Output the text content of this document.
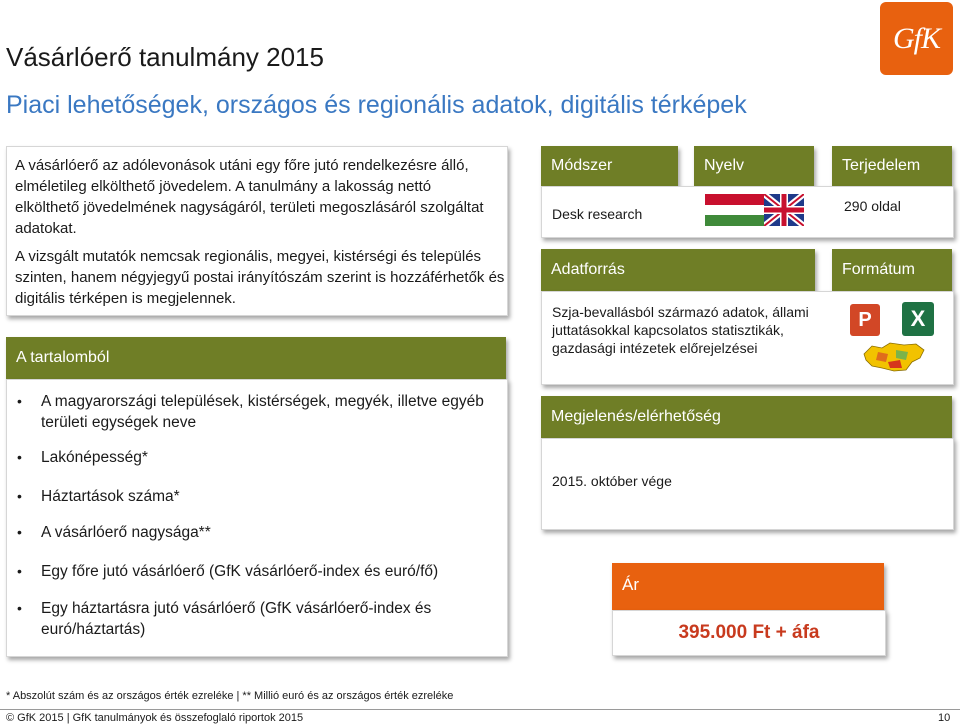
Vásárlóerő tanulmány 2015
Piaci lehetőségek, országos és regionális adatok, digitális térképek
GfK
A vásárlóerő az adólevonások utáni egy főre jutó rendelkezésre álló, elméletileg elkölthető jövedelem. A tanulmány a lakosság nettó elkölthető jövedelmének nagyságáról, területi megoszlásáról szolgáltat adatokat.
A vizsgált mutatók nemcsak regionális, megyei, kistérségi és település szinten, hanem négyjegyű postai irányítószám szerint is hozzáférhetők és digitális térképen is megjelennek.
A tartalomból
• A magyarországi települések, kistérségek, megyék, illetve egyéb területi egységek neve
• Lakónépesség*
• Háztartások száma*
• A vásárlóerő nagysága**
• Egy főre jutó vásárlóerő (GfK vásárlóerő-index és euró/fő)
• Egy háztartásra jutó vásárlóerő (GfK vásárlóerő-index és euró/háztartás)
Módszer	Nyelv	Terjedelem
Desk research	290 oldal
Adatforrás	Formátum
Szja-bevallásból származó adatok, állami juttatásokkal kapcsolatos statisztikák, gazdasági intézetek előrejelzései
P	X
Megjelenés/elérhetőség
2015. október vége
Ár
395.000 Ft + áfa
* Abszolút szám és az országos érték ezreléke | ** Millió euró és az országos érték ezreléke
© GfK 2015 | GfK tanulmányok és összefoglaló riportok 2015	10
